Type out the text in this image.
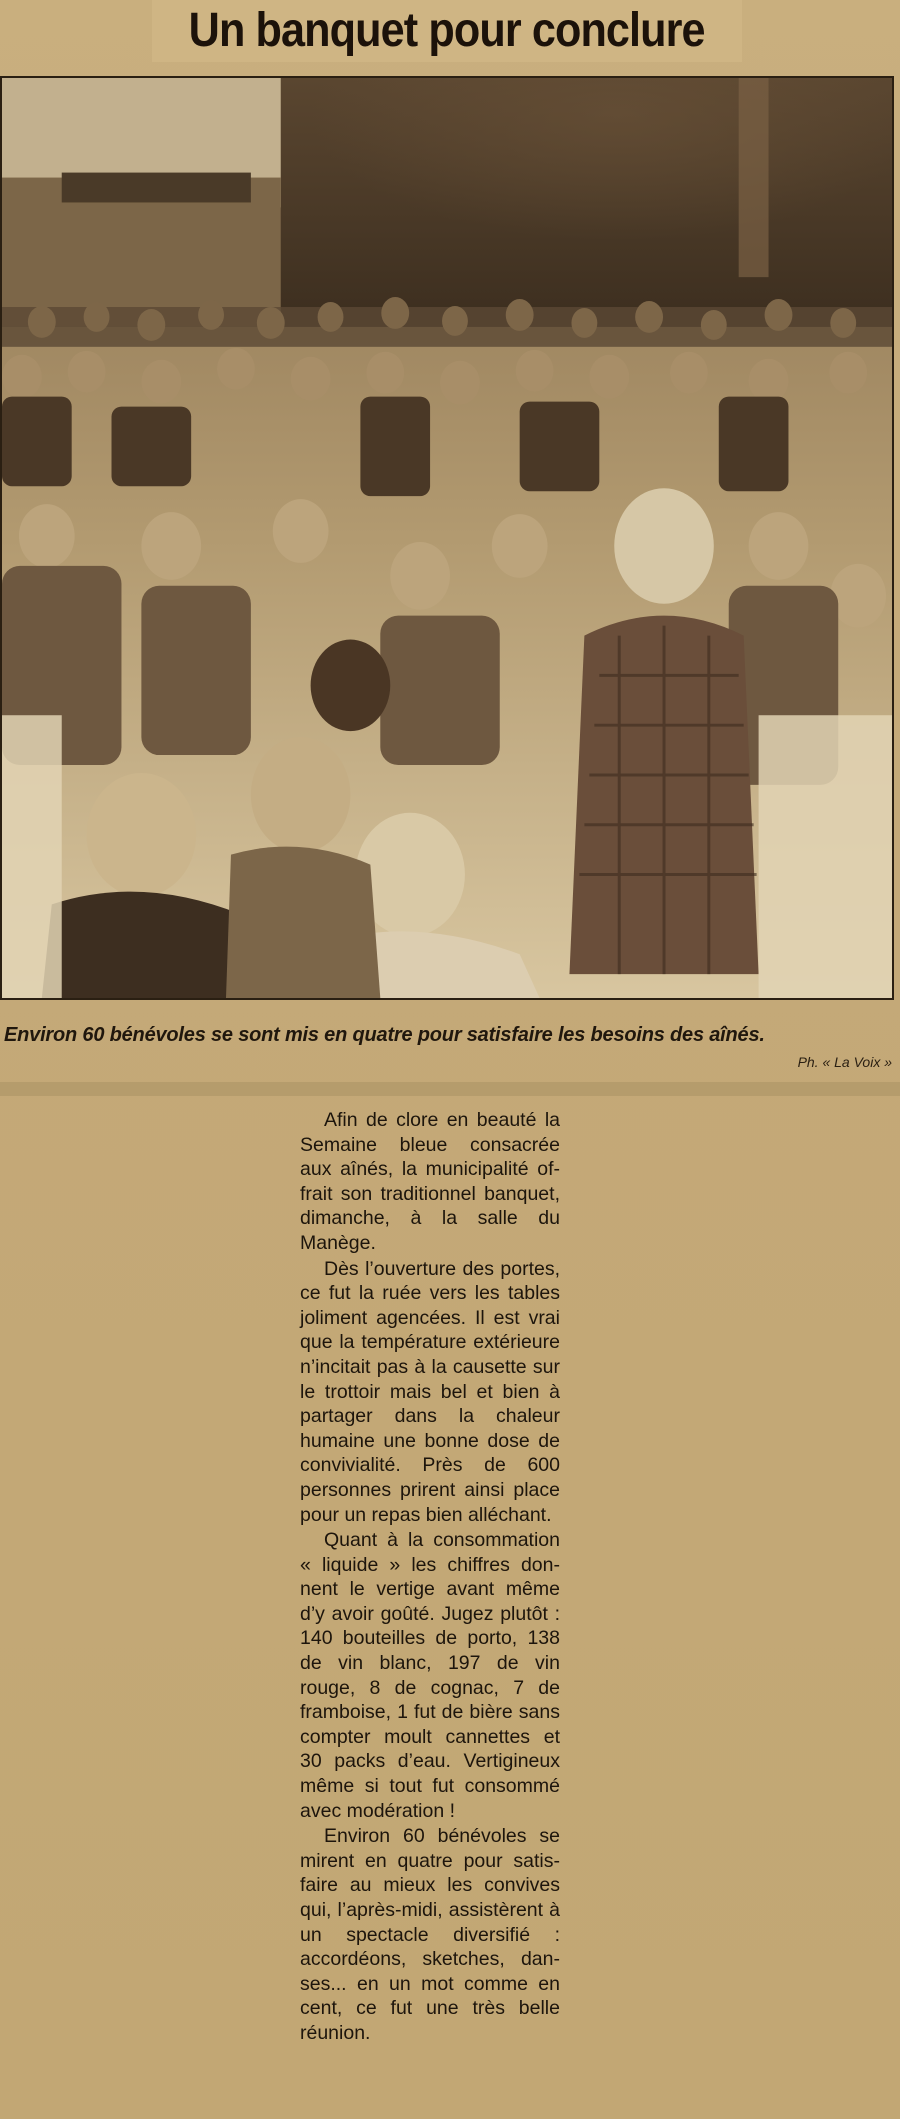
Un banquet pour conclure
Environ 60 bénévoles se sont mis en quatre pour satisfaire les besoins des aînés.
Ph. « La Voix »

Afin de clore en beauté la Semaine bleue consacrée aux aînés, la municipalité offrait son traditionnel banquet, dimanche, à la salle du Manège.

Dès l’ouverture des portes, ce fut la ruée vers les tables joliment agencées. Il est vrai que la température extérieure n’incitait pas à la causette sur le trottoir mais bel et bien à partager dans la chaleur humaine une bonne dose de convivialité. Près de 600 personnes prirent ainsi place pour un repas bien alléchant.

Quant à la consommation « liquide » les chiffres donnent le vertige avant même d’y avoir goûté. Jugez plutôt : 140 bouteilles de porto, 138 de vin blanc, 197 de vin rouge, 8 de cognac, 7 de framboise, 1 fut de bière sans compter moult cannettes et 30 packs d’eau. Vertigineux même si tout fut consommé avec modération !

Environ 60 bénévoles se mirent en quatre pour satisfaire au mieux les convives qui, l’après-midi, assistèrent à un spectacle diversifié : accordéons, sketches, danses... en un mot comme en cent, ce fut une très belle réunion.
